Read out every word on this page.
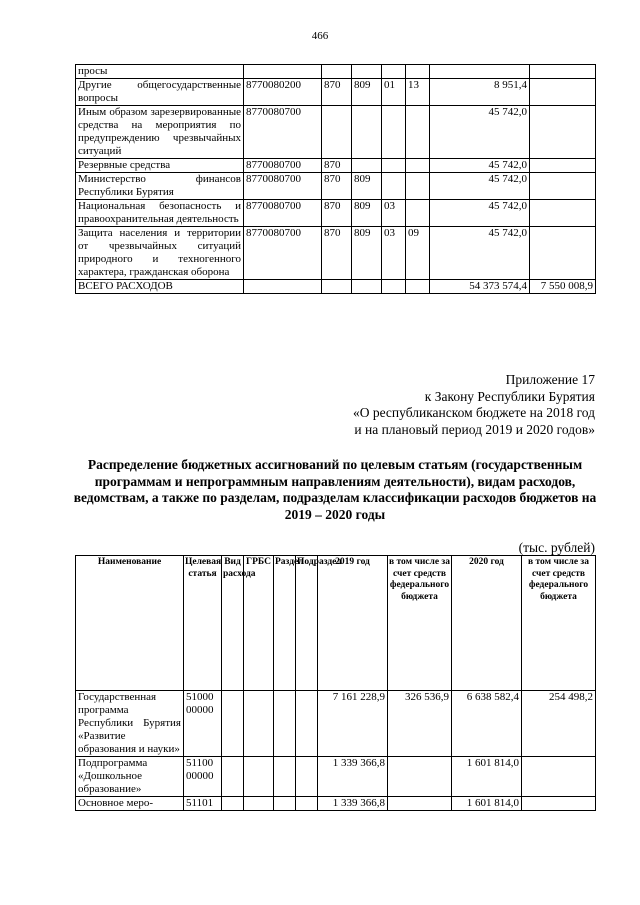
466
просы							
Другие общегосударственные вопросы	8770080200	870	809	01	13	8 951,4	
Иным образом зарезервированные средства на мероприятия по предупреждению чрезвычайных ситуаций	8770080700					45 742,0	
Резервные средства	8770080700	870				45 742,0	
Министерство финансов Республики Бурятия	8770080700	870	809			45 742,0	
Национальная безопасность и правоохранительная деятельность	8770080700	870	809	03		45 742,0	
Защита населения и территории от чрезвычайных ситуаций природного и техногенного характера, гражданская оборона	8770080700	870	809	03	09	45 742,0	
ВСЕГО РАСХОДОВ						54 373 574,4	7 550 008,9
Приложение 17
к Закону Республики Бурятия
«О республиканском бюджете на 2018 год
и на плановый период 2019 и 2020 годов»
Распределение бюджетных ассигнований по целевым статьям (государственным программам и непрограммным направлениям деятельности), видам расходов, ведомствам, а также по разделам, подразделам классификации расходов бюджетов на 2019 – 2020 годы
(тыс. рублей)
Наименование	Целевая статья	Вид расхода	ГРБС	Раздел	Подраздел	2019 год	в том числе за счет средств федерального бюджета	2020 год	в том числе за счет средств федерального бюджета
Государственная программа Республики Бурятия «Развитие образования и науки»	51000 00000					7 161 228,9	326 536,9	6 638 582,4	254 498,2
Подпрограмма «Дошкольное образование»	51100 00000					1 339 366,8		1 601 814,0	
Основное меро-	51101					1 339 366,8		1 601 814,0	
